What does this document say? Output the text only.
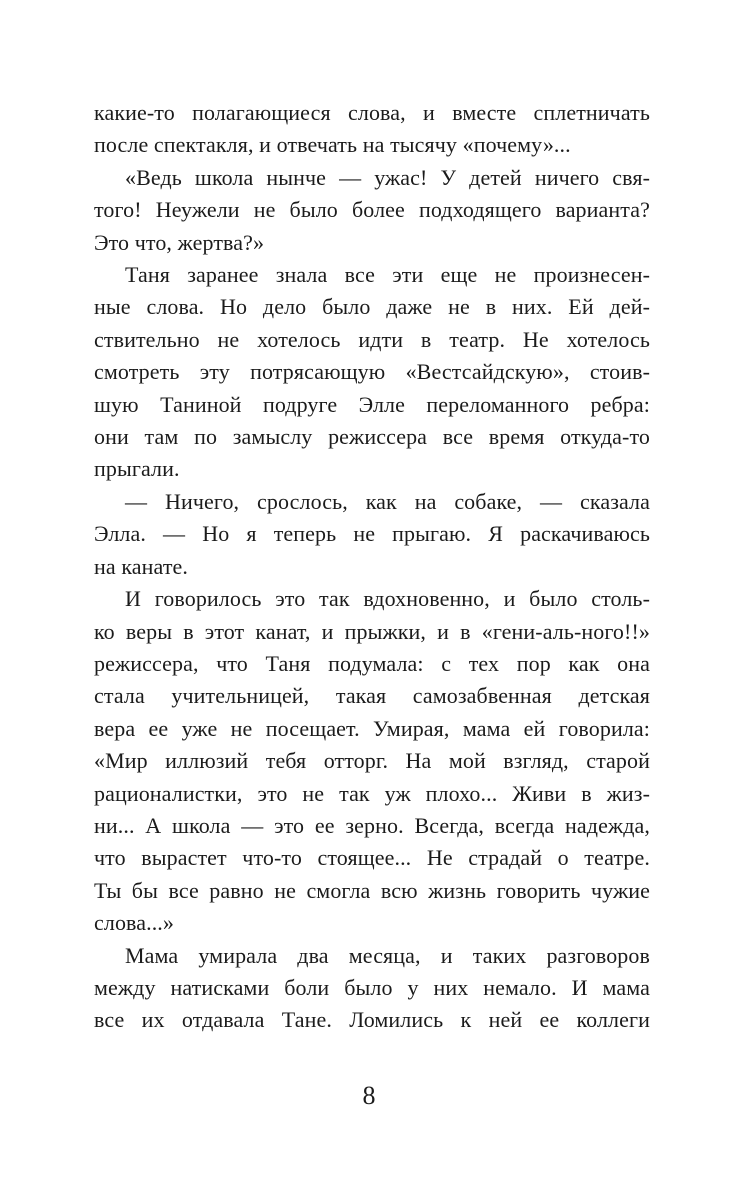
какие-то полагающиеся слова, и вместе сплетничать
после спектакля, и отвечать на тысячу «почему»...

«Ведь школа нынче — ужас! У детей ничего свя-
того! Неужели не было более подходящего варианта?
Это что, жертва?»

Таня заранее знала все эти еще не произнесен-
ные слова. Но дело было даже не в них. Ей дей-
ствительно не хотелось идти в театр. Не хотелось
смотреть эту потрясающую «Вестсайдскую», стоив-
шую Таниной подруге Элле переломанного ребра:
они там по замыслу режиссера все время откуда-то
прыгали.

— Ничего, срослось, как на собаке, — сказала
Элла. — Но я теперь не прыгаю. Я раскачиваюсь
на канате.

И говорилось это так вдохновенно, и было столь-
ко веры в этот канат, и прыжки, и в «гени-аль-ного!!»
режиссера, что Таня подумала: с тех пор как она
стала учительницей, такая самозабвенная детская
вера ее уже не посещает. Умирая, мама ей говорила:
«Мир иллюзий тебя отторг. На мой взгляд, старой
рационалистки, это не так уж плохо... Живи в жиз-
ни... А школа — это ее зерно. Всегда, всегда надежда,
что вырастет что-то стоящее... Не страдай о театре.
Ты бы все равно не смогла всю жизнь говорить чужие
слова...»

Мама умирала два месяца, и таких разговоров
между натисками боли было у них немало. И мама
все их отдавала Тане. Ломились к ней ее коллеги

8
